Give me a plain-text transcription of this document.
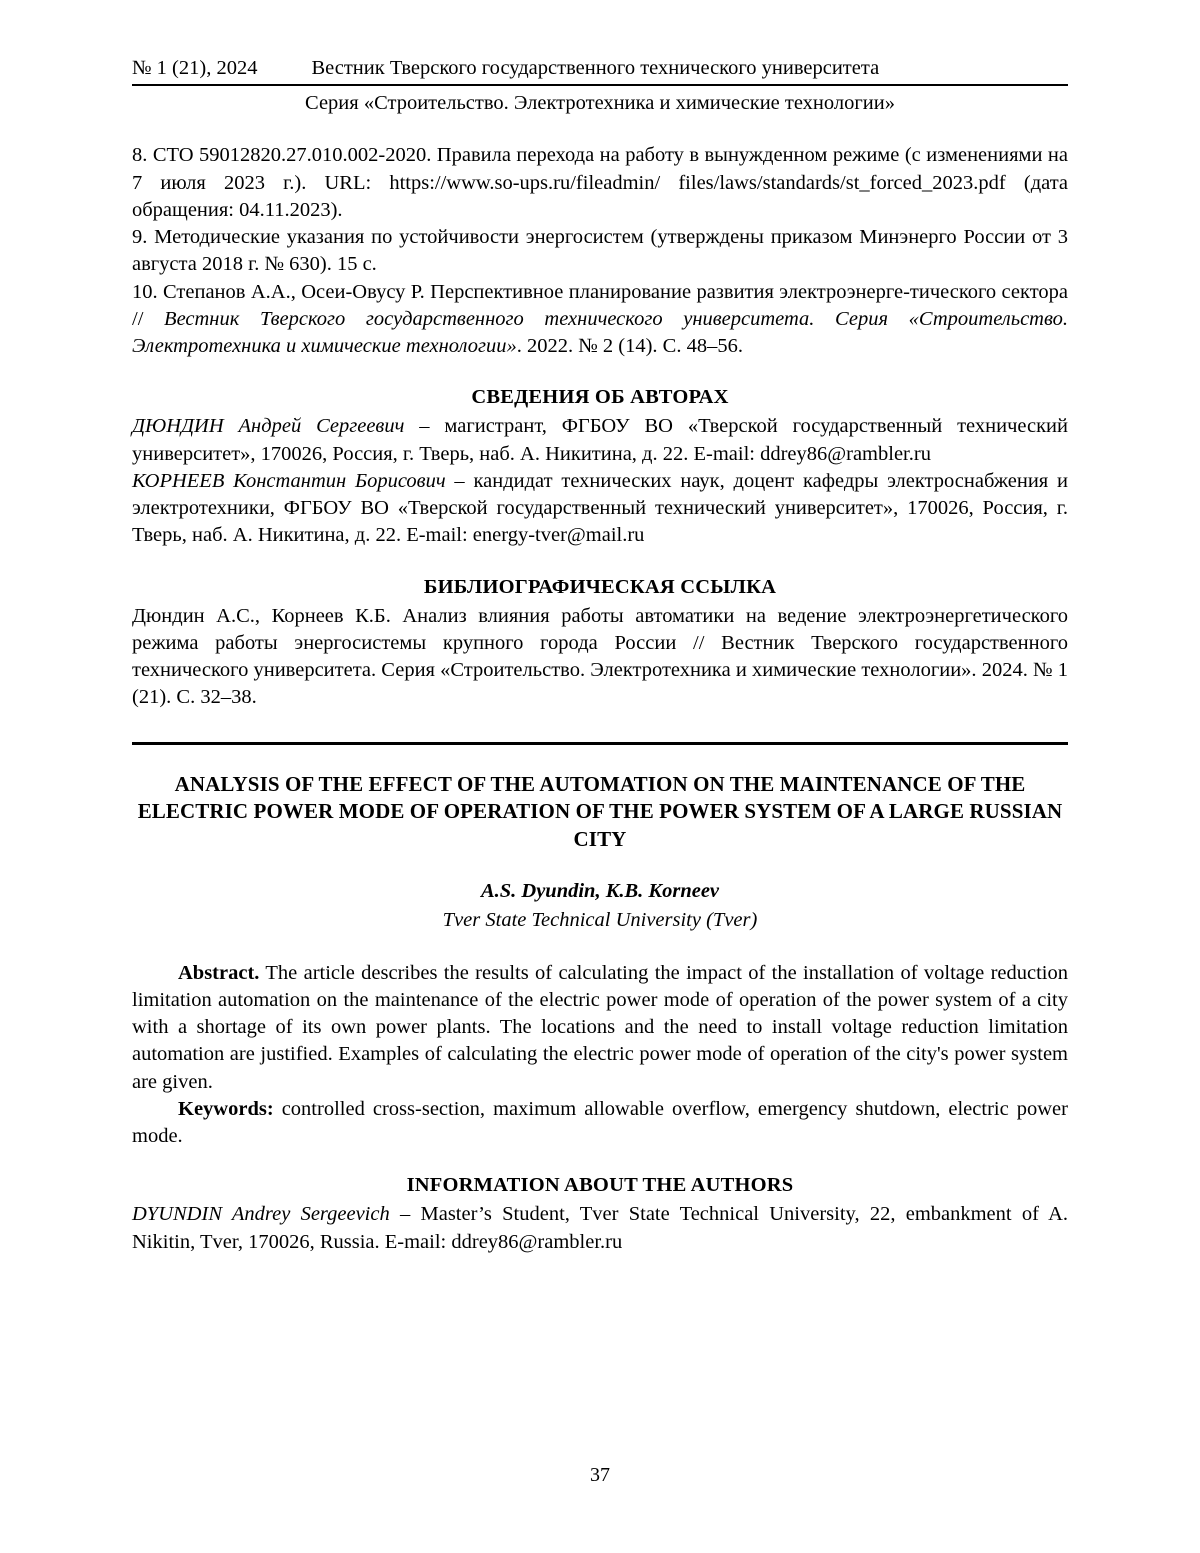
№ 1 (21), 2024	Вестник Тверского государственного технического университета
Серия «Строительство. Электротехника и химические технологии»

8. СТО 59012820.27.010.002-2020. Правила перехода на работу в вынужденном режиме (с изменениями на 7 июля 2023 г.). URL: https://www.so-ups.ru/fileadmin/ files/laws/standards/st_forced_2023.pdf (дата обращения: 04.11.2023).

9. Методические указания по устойчивости энергосистем (утверждены приказом Минэнерго России от 3 августа 2018 г. № 630). 15 с.

10. Степанов А.А., Осеи-Овусу Р. Перспективное планирование развития электроэнерге-тического сектора // Вестник Тверского государственного технического университета. Серия «Строительство. Электротехника и химические технологии». 2022. № 2 (14). С. 48–56.

СВЕДЕНИЯ ОБ АВТОРАХ

ДЮНДИН Андрей Сергеевич – магистрант, ФГБОУ ВО «Тверской государственный технический университет», 170026, Россия, г. Тверь, наб. А. Никитина, д. 22. E-mail: ddrey86@rambler.ru

КОРНЕЕВ Константин Борисович – кандидат технических наук, доцент кафедры электроснабжения и электротехники, ФГБОУ ВО «Тверской государственный технический университет», 170026, Россия, г. Тверь, наб. А. Никитина, д. 22. E-mail: energy-tver@mail.ru

БИБЛИОГРАФИЧЕСКАЯ ССЫЛКА

Дюндин А.С., Корнеев К.Б. Анализ влияния работы автоматики на ведение электроэнергетического режима работы энергосистемы крупного города России // Вестник Тверского государственного технического университета. Серия «Строительство. Электротехника и химические технологии». 2024. № 1 (21). С. 32–38.

ANALYSIS OF THE EFFECT OF THE AUTOMATION ON THE MAINTENANCE OF THE ELECTRIC POWER MODE OF OPERATION OF THE POWER SYSTEM OF A LARGE RUSSIAN CITY
A.S. Dyundin, K.B. Korneev
Tver State Technical University (Tver)

Abstract. The article describes the results of calculating the impact of the installation of voltage reduction limitation automation on the maintenance of the electric power mode of operation of the power system of a city with a shortage of its own power plants. The locations and the need to install voltage reduction limitation automation are justified. Examples of calculating the electric power mode of operation of the city's power system are given.

Keywords: controlled cross-section, maximum allowable overflow, emergency shutdown, electric power mode.

INFORMATION ABOUT THE AUTHORS

DYUNDIN Andrey Sergeevich – Master’s Student, Tver State Technical University, 22, embankment of A. Nikitin, Tver, 170026, Russia. E-mail: ddrey86@rambler.ru

37
